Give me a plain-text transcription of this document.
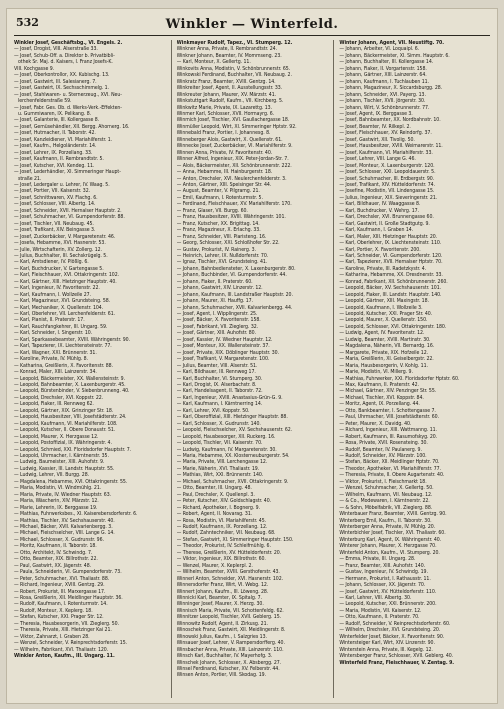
532	Winkler — Winterfeld.
Winkler Josef, Geschäftsbg., VI. Engels. 2.
— Josef, Drogist, VIII. Alserstraße 33.
— Josef, Schub-Off. a. Direktor b. Privatbibli-
othek Sr. Maj. d. Kaisers, I. Franz Josefs-K.
VIII. Kochgasse 9.
— Josef, Oberkontrollor, XX. Kubischg. 13.
— Josef, Gastwirt, III. Salesianerg. 7.
— Josef, Gastwirt, IX. Sechsschimmelg. 1.
— Josef, Stahlwaren- u. Sternerzeug., XVI. Neu-
lerchenfelderstraße 59.
— Josef, Fabr. Ges. Ob. d. Werks-Verk.-Effekten-
u. Gummiwaren, IX. Pelikang. 8.
— Josef, Galanterie, III. Kollergasse 8.
— Josef, Gemüsehändler, XII. Bergg. Ahornerg. 16.
— Josef, Hutmacher, II. Taborstr. 42.
— Josef, Kanzleidiener, VI. Mariahilferstr. 1.
— Josef, Kaufm., Helgoländerstr. 14.
— Josef, Lehrer, IX. Porzellang. 33.
— Josef, Kaufmann, II. Rembrandtstr. 5.
— Josef, Kutscher, XVI. Kendeg. 11.
— Josef, Lederhändler, XI. Simmeringer Haupt-
straße 21.
— Josef, Ledergaler u. Lehrer, IV. Waag. 5.
— Josef, Portier, VII. Kaiserstr. 32.
— Josef, Schnittwaren, XV. Flachg. 6.
— Josef, Schlosser, VIII. Albertg. 14.
— Josef, Schneider, XVII. Hernalser Hauptstr. 2.
— Josef, Schuhmacher, VI. Gumpendorferstr. 88.
— Josef, Tischler, VII. Neubaug. 45.
— Josef, Trafikant, XIV. Beingasse 3.
— Josef, Zuckerbäcker, V. Margaretenstr. 46.
— Josefa, Hebamme, XVI. Hasnerstr. 53.
— Julie, Wirtschafterin, XV. Zollerg. 12.
— Julius, Buchhalter, III. Sechskrügelg. 5.
— Karl, Amtsdiener, IV. Plößlg. 6.
— Karl, Buchdrucker, V. Gartengasse 5.
— Karl, Fleischhauer, XVI. Ottakringerstr. 102.
— Karl, Gärtner, XIII. Hietzinger Hauptstr. 40.
— Karl, Ingenieur, IV. Favoritenstr. 22.
— Karl, Kaufmann, I. Wollzeile 27.
— Karl, Magazineur, XVI. Grundsteing. 58.
— Karl, Mechaniker, X. Quellenstr. 104.
— Karl, Oberlehrer, VII. Lerchenfelderstr. 61.
— Karl, Pianist, II. Praterstr. 17.
— Karl, Rauchfangkehrer, III. Ungarg. 59.
— Karl, Schneider, I. Singerstr. 10.
— Karl, Sparkassebeamter, XVIII. Währingerstr. 90.
— Karl, Tapezierer, IX. Liechtensteinstr. 77.
— Karl, Wagner, XXI. Brünnerstr. 31.
— Karoline, Private, IV. Mühlg. 8.
— Katharina, Greißlerin, X. Favoritenstr. 88.
— Konrad, Maler, XIII. Lainzerstr. 34.
— Leopold, Bäckermeister, XX. Wallensteinstr. 9.
— Leopold, Bahnbeamter, X. Laxenburgerstr. 45.
— Leopold, Bürstenbinder, V. Siebenbrunneng. 40.
— Leopold, Drechsler, XVI. Koppstr. 22.
— Leopold, Fiaker, III. Rennweg 62.
— Leopold, Gärtner, XIX. Grinzinger Str. 18.
— Leopold, Hausbesitzer, VIII. Josefstädterstr. 24.
— Leopold, Kaufmann, VI. Mariahilferstr. 108.
— Leopold, Kutscher, II. Obere Donaustr. 51.
— Leopold, Maurer, X. Herzgasse 12.
— Leopold, Postoffizial, IX. Währingerstr. 4.
— Leopold, Schmied, XXI. Floridsdorfer Hauptstr. 7.
— Leopold, Uhrmacher, I. Kärntnerstr. 35.
— Ludwig, Baumeister, XIII. Auhofstr. 9.
— Ludwig, Kassier, III. Landstr. Hauptstr. 55.
— Ludwig, Lehrer, VII. Burgg. 28.
— Magdalena, Hebamme, XVI. Ottakringerstr. 55.
— Maria, Modistin, VI. Windmühlg. 21.
— Maria, Private, IV. Wiedner Hauptstr. 63.
— Maria, Wäscherin, XIV. Märzstr. 12.
— Marie, Lehrerin, IX. Berggasse 19.
— Mathias, Fuhrwerksbes., XI. Kaiserebersdorferstr. 6.
— Mathias, Tischler, XV. Sechshauserstr. 40.
— Michael, Bäcker, XVII. Kalvarienbergg. 3.
— Michael, Fleischselcher, VIII. Lange G. 14.
— Michael, Schlosser, X. Gudrunstr. 96.
— Moritz, Kaufmann, II. Taborstr. 18.
— Otto, Architekt, IV. Schwindg. 7.
— Otto, Beamter, XIX. Billrothstr. 22.
— Paul, Gastwirt, XX. Jägerstr. 48.
— Paula, Schneiderin, VI. Gumpendorferstr. 73.
— Peter, Schuhmacher, XVI. Thaliastr. 88.
— Richard, Ingenieur, XVIII. Gentzg. 29.
— Robert, Prokurist, III. Marxergasse 17.
— Rosa, Greißlerin, XII. Meidlinger Hauptstr. 36.
— Rudolf, Kaufmann, I. Rotenturmstr. 14.
— Rudolf, Monteur, X. Keplerg. 18.
— Stefan, Kutscher, XXI. Prager Str. 12.
— Theresia, Hausbesorgerin, VII. Zieglerg. 50.
— Theresia, Private, XIII. Hietzinger Kai 21.
— Viktor, Zahnarzt, I. Graben 28.
— Wenzel, Schneider, V. Reinprechtsdorferstr. 15.
— Wilhelm, Fabrikant, XVI. Thaliastr. 120.
Winkler Anton, Kaufm., III. Ungarg. 11.
Winkmayer Rudolf, Tapez., VI. Stumperg. 12.
Winkner Anna, Private, II. Rembrandtstr. 24.
Winkner Johann, Beamter, IV. Mommseng. 23.
— Karl, Monteur, X. Gellertg. 11.
Winkovits Anna, Modistin, V. Schönbrunnerstr. 65.
Winkowski Ferdinand, Buchhalter, VII. Neubaug. 2.
Winkratz Franz, Beamter, XVIII. Gentzg. 14.
Winkreiter Josef, Agent, II. Ausstellungsstr. 33.
Winkreuter Johann, Maurer, XV. Märzstr. 41.
Winkstuttgart Rudolf, Kaufm., VII. Kirchberg. 5.
Winkwitz Marie, Private, IX. Lazarettg. 13.
Winmer Karl, Schlosser, XVII. Hormayrg. 6.
Winmich Josef, Tischler, XVI. Gaullachergasse 18.
Winmüller Leopold, Wirt, XI. Simmeringer Hptstr. 92.
Winnebald Franz, Portier, I. Johannesg. 8.
Winneberger Alois, Gastwirt, X. Quellenstr. 61.
Winnecke Josef, Zuckerbäcker, VI. Mariahilferstr. 9.
Winnen Anna, Private, IV. Favoritenstr. 40.
Winner Alfred, Ingenieur, XIX. Peter-Jordan-Str. 7.
— Alois, Bäckermeister, XII. Schönbrunnerstr. 222.
— Anna, Hebamme, III. Hainburgerstr. 18.
— Anton, Drechsler, XVI. Neulerchenfelderstr. 3.
— Anton, Gärtner, XIII. Speisinger Str. 44.
— August, Beamter, V. Pilgramg. 21.
— Emil, Kaufmann, I. Rotenturmstr. 5.
— Ferdinand, Fleischhauer, XV. Mariahilferstr. 170.
— Franz, Glaser, VII. Burgg. 60.
— Franz, Hausbesitzer, XVIII. Währingerstr. 101.
— Franz, Kutscher, XX. Brigittag. 14.
— Franz, Magazineur, X. Erlachg. 33.
— Franz, Schneider, VIII. Piaristeng. 16.
— Georg, Schlosser, XXI. Schloßhofer Str. 22.
— Gustav, Prokurist, IV. Rainerg. 3.
— Heinrich, Lehrer, IX. Nußdorferstr. 70.
— Ignaz, Tischler, XVI. Grundsteing. 41.
— Johann, Bahnbediensteter, X. Laxenburgerstr. 80.
— Johann, Buchbinder, VI. Gumpendorferstr. 44.
— Johann, Fiaker, II. Praterstr. 60.
— Johann, Gastwirt, XIV. Linzerstr. 12.
— Johann, Kaufmann, III. Landstraßer Hauptstr. 20.
— Johann, Maurer, XI. Hauffg. 17.
— Johann, Schuhmacher, XVII. Kalvarienbergg. 44.
— Josef, Agent, I. Wipplingerstr. 25.
— Josef, Bäcker, X. Favoritenstr. 158.
— Josef, Fabrikant, VII. Zieglerg. 32.
— Josef, Gärtner, XIII. Auhofstr. 80.
— Josef, Kassier, IV. Wiedner Hauptstr. 12.
— Josef, Monteur, XX. Wallensteinstr. 37.
— Josef, Private, XIX. Döblinger Hauptstr. 30.
— Josef, Trafikant, V. Margaretenstr. 100.
— Julius, Beamter, VIII. Alserstr. 51.
— Karl, Bildhauer, III. Rennweg 17.
— Karl, Buchhalter, VI. Stumperg. 30.
— Karl, Drogist, IX. Alserbachstr. 8.
— Karl, Handelsagent, II. Taborstr. 72.
— Karl, Ingenieur, XVIII. Anastasius-Grün-G. 9.
— Karl, Kaufmann, I. Kärntnerring 14.
— Karl, Lehrer, XVI. Koppstr. 50.
— Karl, Oberoffizial, XIII. Hietzinger Hauptstr. 88.
— Karl, Schlosser, X. Gudrunstr. 140.
— Leopold, Fleischselcher, XV. Sechshauserstr. 62.
— Leopold, Hausbesorger, XII. Ruckerg. 16.
— Leopold, Tischler, VII. Kaiserstr. 70.
— Ludwig, Kaufmann, IV. Margaretenstr. 30.
— Maria, Hebamme, XX. Klosterneuburgerstr. 54.
— Maria, Private, VIII. Lerchengasse 12.
— Marie, Näherin, XVI. Thaliastr. 19.
— Mathias, Wirt, XXI. Brünnerstr. 140.
— Michael, Schuhmacher, XVII. Ottakringerstr. 9.
— Otto, Beamter, III. Ungarg. 48.
— Paul, Drechsler, X. Quellenpl. 3.
— Peter, Kutscher, XIV. Goldschlagstr. 40.
— Richard, Apotheker, I. Bognerg. 9.
— Robert, Agent, II. Novarag. 31.
— Rosa, Modistin, VI. Mariahilferstr. 45.
— Rudolf, Kaufmann, IX. Porzellang. 12.
— Rudolf, Zahntechniker, VII. Neubaug. 68.
— Stefan, Gastwirt, XI. Simmeringer Hauptstr. 150.
— Theodor, Prokurist, IV. Schleifmühlg. 6.
— Therese, Greißlerin, XV. Hütteldorferstr. 20.
— Viktor, Ingenieur, XIX. Billrothstr. 60.
— Wenzel, Maurer, X. Keplerpl. 2.
— Wilhelm, Beamter, XVIII. Gersthoferstr. 43.
Winnerl Anton, Schneider, XVI. Hasnerstr. 102.
Winnersdorfer Franz, Wirt, VI. Webg. 12.
Winnert Johann, Kaufm., III. Löweng. 28.
Winnicki Karl, Beamter, IX. Spitalg. 7.
Winninger Josef, Maurer, X. Herzg. 30.
Winnisch Maria, Private, VII. Schottenfeldg. 62.
Winnitzer Leopold, Tischler, XVII. Geblerg. 15.
Winnowitz Rudolf, Agent, II. Zirkusg. 21.
Winoschek Franz, Gastwirt, XII. Meidlingerstr. 8.
Winowski Julius, Kaufm., I. Salzgries 13.
Winsauer Josef, Lehrer, V. Rampersdorfferg. 40.
Winsbacher Anna, Private, XIII. Lainzerstr. 110.
Winsch Karl, Buchhalter, IV. Mayerhofg. 3.
Winschek Johann, Schlosser, X. Absbergg. 27.
Winsel Ferdinand, Kutscher, XV. Felberstr. 44.
Winsen Anton, Portier, VIII. Skodag. 19.
Winter Johann, Agent, VII. Neustiftg. 70.
— Johann, Arbeiter, VI. Loquaipl. 6.
— Johann, Bäckermeister, XI. Simm. Hauptstr. 6.
— Johann, Buchhalter, III. Kollergasse 14.
— Johann, Fiaker, II. Vorgartenstr. 158.
— Johann, Gärtner, XIII. Lainzerstr. 64.
— Johann, Kaufmann, I. Tuchlauben 11.
— Johann, Magazineur, X. Siccardsburgg. 28.
— Johann, Schneider, XVI. Payerg. 13.
— Johann, Tischler, XVII. Jörgerstr. 30.
— Johann, Wirt, V. Schönbrunnerstr. 77.
— Josef, Agent, IX. Berggasse 3.
— Josef, Bahnbeamter, XX. Nordbahnstr. 10.
— Josef, Beamter, IV. Rilkepl. 2.
— Josef, Fleischhauer, XV. Reindorfg. 37.
— Josef, Gastwirt, XII. Tivolig. 50.
— Josef, Hausbesitzer, XVIII. Weimarerstr. 11.
— Josef, Kaufmann, VI. Mariahilferstr. 33.
— Josef, Lehrer, VIII. Lange G. 46.
— Josef, Monteur, X. Laxenburgerstr. 120.
— Josef, Schlosser, XXI. Leopoldauerstr. 5.
— Josef, Schuhmacher, III. Erdbergstr. 90.
— Josef, Trafikant, XIV. Hütteldorferstr. 74.
— Josefine, Modistin, VII. Lindengasse 15.
— Julius, Ingenieur, XIX. Sieveringerstr. 21.
— Karl, Bildhauer, IV. Waaggasse 8.
— Karl, Buchdrucker, V. Wehrg. 17.
— Karl, Drechsler, XVI. Brunnengasse 60.
— Karl, Gastwirt, II. Große Stadtgutg. 9.
— Karl, Kaufmann, I. Graben 14.
— Karl, Maler, XIII. Hietzinger Hauptstr. 20.
— Karl, Oberlehrer, IX. Liechtensteinstr. 110.
— Karl, Portier, X. Favoritenstr. 200.
— Karl, Schneider, VI. Gumpendorferstr. 120.
— Karl, Tapezierer, XVII. Hernalser Hptstr. 70.
— Karoline, Private, III. Radetzkystr. 4.
— Katharina, Hebamme, XX. Dresdnerstr. 33.
— Konrad, Fabrikant, XII. Schönbrunnerstr. 260.
— Leopold, Bäcker, XV. Sechshauserstr. 101.
— Leopold, Fiaker, III. Landstr. Hauptstr. 140.
— Leopold, Gärtner, XIII. Maxingstr. 18.
— Leopold, Kaufmann, I. Wollzeile 3.
— Leopold, Kutscher, XXI. Prager Str. 40.
— Leopold, Maurer, X. Quellenstr. 150.
— Leopold, Schlosser, XVI. Ottakringerstr. 180.
— Ludwig, Agent, IV. Favoritenstr. 12.
— Ludwig, Beamter, XVIII. Martinstr. 30.
— Magdalena, Näherin, VII. Bernardg. 16.
— Margarete, Private, XIX. Hofzeile 12.
— Maria, Greißlerin, XI. Geiselbergstr. 22.
— Maria, Hausbesorgerin, V. Kohlg. 11.
— Marie, Modistin, VI. Millerg. 9.
— Mathias, Fuhrwerker, XXI. Floridsdorfer Hptstr. 60.
— Max, Kaufmann, II. Praterstr. 42.
— Michael, Gärtner, XIV. Penzinger Str. 55.
— Michael, Tischler, XVI. Koppstr. 84.
— Moritz, Agent, IX. Porzellang. 44.
— Otto, Bankbeamter, I. Schottengasse 7.
— Paul, Uhrmacher, VIII. Josefstädterstr. 60.
— Peter, Maurer, X. Davidg. 40.
— Richard, Ingenieur, XIII. Wattmanng. 11.
— Robert, Kaufmann, III. Rasumofskyg. 20.
— Rosa, Private, XVII. Rosensteing. 30.
— Rudolf, Beamter, IV. Paulanerg. 9.
— Rudolf, Schneider, XV. Märzstr. 100.
— Stefan, Bäcker, XII. Meidlinger Hptstr. 70.
— Theodor, Apotheker, VI. Mariahilferstr. 77.
— Theresia, Private, II. Obere Augartenstr. 40.
— Viktor, Prokurist, I. Fleischmarkt 18.
— Wenzel, Schuhmacher, X. Gellertg. 50.
— Wilhelm, Kaufmann, VII. Neubaug. 12.
— & Co., Modewaren, I. Kärntnerstr. 22.
— & Sohn, Möbelfabrik, VII. Zieglerg. 88.
Winterbauer Franz, Beamter, XVIII. Gentzg. 90.
Winterberg Emil, Kaufm., II. Taborstr. 30.
Winterberger Anna, Private, IV. Mühlg. 20.
Winterbichler Josef, Tischler, XVI. Thaliastr. 60.
Winterburg Karl, Agent, IX. Währingerstr. 40.
Winterer Johann, Maurer, X. Herzgasse 70.
Winterfeld Anton, Kaufm., VI. Stumperg. 20.
— Emma, Private, III. Ungarg. 28.
— Franz, Beamter, XIII. Auhofstr. 140.
— Gustav, Ingenieur, IV. Schwindg. 19.
— Hermann, Prokurist, I. Rathausstr. 11.
— Johann, Schlosser, XX. Jägerstr. 70.
— Josef, Gastwirt, XV. Hütteldorferstr. 110.
— Karl, Lehrer, VIII. Albertg. 30.
— Leopold, Kutscher, XXI. Brünnerstr. 200.
— Maria, Modistin, VII. Kaiserstr. 12.
— Otto, Kaufmann, II. Praterstr. 70.
— Rudolf, Schneider, V. Reinprechtsdorferstr. 60.
— Wilhelm, Drechsler, XVI. Grundsteing. 20.
Winterfelder Josef, Bäcker, X. Favoritenstr. 90.
Wintersteiger Karl, Wirt, XIV. Linzerstr. 90.
Winterstein Anna, Private, III. Kegelg. 12.
Wintersberger Franz, Schlosser, XVII. Geblerg. 40.
Winterfeld Franz, Fleischhauer, V. Zentag. 9.
